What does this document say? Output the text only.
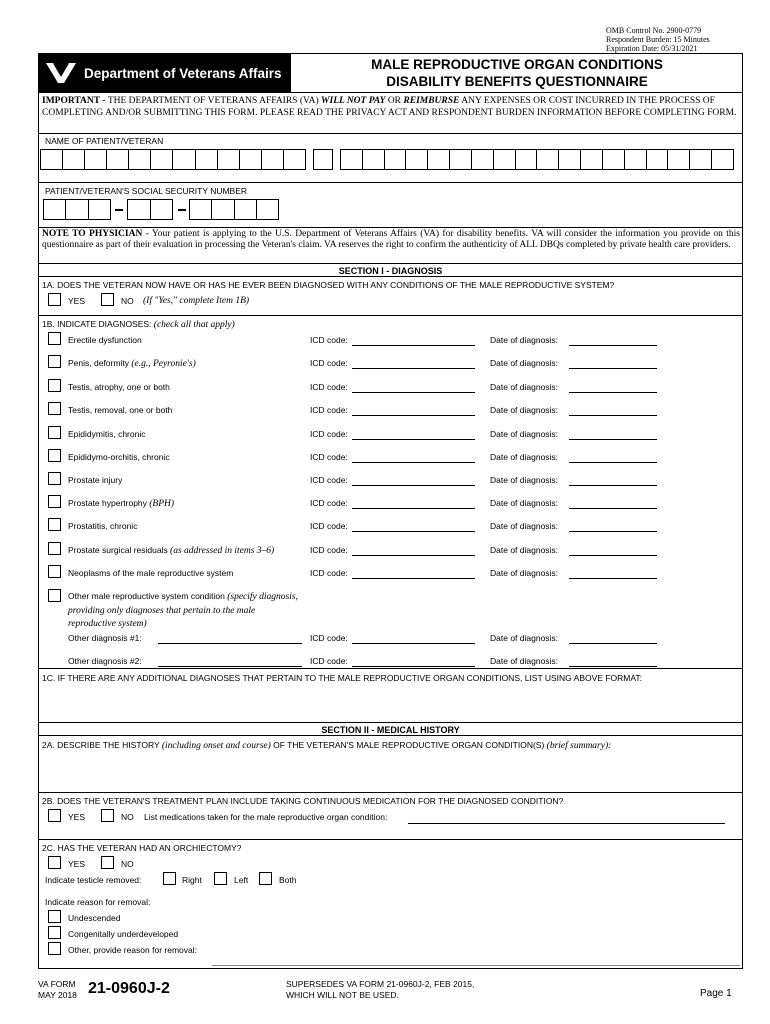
OMB Control No. 2900-0779
Respondent Burden: 15 Minutes
Expiration Date: 05/31/2021
Department of Veterans Affairs
MALE REPRODUCTIVE ORGAN CONDITIONS
DISABILITY BENEFITS QUESTIONNAIRE
IMPORTANT - THE DEPARTMENT OF VETERANS AFFAIRS (VA) WILL NOT PAY OR REIMBURSE ANY EXPENSES OR COST INCURRED IN THE PROCESS OF COMPLETING AND/OR SUBMITTING THIS FORM. PLEASE READ THE PRIVACY ACT AND RESPONDENT BURDEN INFORMATION BEFORE COMPLETING FORM.
NAME OF PATIENT/VETERAN
PATIENT/VETERAN'S SOCIAL SECURITY NUMBER
NOTE TO PHYSICIAN - Your patient is applying to the U.S. Department of Veterans Affairs (VA) for disability benefits. VA will consider the information you provide on this questionnaire as part of their evaluation in processing the Veteran's claim. VA reserves the right to confirm the authenticity of ALL DBQs completed by private health care providers.
SECTION I - DIAGNOSIS
1A. DOES THE VETERAN NOW HAVE OR HAS HE EVER BEEN DIAGNOSED WITH ANY CONDITIONS OF THE MALE REPRODUCTIVE SYSTEM?
YES	NO (If "Yes," complete Item 1B)
1B. INDICATE DIAGNOSES: (check all that apply)
Erectile dysfunction	ICD code:	Date of diagnosis:
Penis, deformity (e.g., Peyronie's)	ICD code:	Date of diagnosis:
Testis, atrophy, one or both	ICD code:	Date of diagnosis:
Testis, removal, one or both	ICD code:	Date of diagnosis:
Epididymitis, chronic	ICD code:	Date of diagnosis:
Epididymo-orchitis, chronic	ICD code:	Date of diagnosis:
Prostate injury	ICD code:	Date of diagnosis:
Prostate hypertrophy (BPH)	ICD code:	Date of diagnosis:
Prostatitis, chronic	ICD code:	Date of diagnosis:
Prostate surgical residuals (as addressed in items 3–6)	ICD code:	Date of diagnosis:
Neoplasms of the male reproductive system	ICD code:	Date of diagnosis:
Other male reproductive system condition (specify diagnosis, providing only diagnoses that pertain to the male reproductive system)
Other diagnosis #1:	ICD code:	Date of diagnosis:
Other diagnosis #2:	ICD code:	Date of diagnosis:
1C. IF THERE ARE ANY ADDITIONAL DIAGNOSES THAT PERTAIN TO THE MALE REPRODUCTIVE ORGAN CONDITIONS, LIST USING ABOVE FORMAT:
SECTION II - MEDICAL HISTORY
2A. DESCRIBE THE HISTORY (including onset and course) OF THE VETERAN'S MALE REPRODUCTIVE ORGAN CONDITION(S) (brief summary):
2B. DOES THE VETERAN'S TREATMENT PLAN INCLUDE TAKING CONTINUOUS MEDICATION FOR THE DIAGNOSED CONDITION?
YES	NO List medications taken for the male reproductive organ condition:
2C. HAS THE VETERAN HAD AN ORCHIECTOMY?
YES	NO
Indicate testicle removed:	Right	Left	Both
Indicate reason for removal:
Undescended
Congenitally underdeveloped
Other, provide reason for removal:
VA FORM
MAY 2018 21-0960J-2	SUPERSEDES VA FORM 21-0960J-2, FEB 2015,
WHICH WILL NOT BE USED.	Page 1
